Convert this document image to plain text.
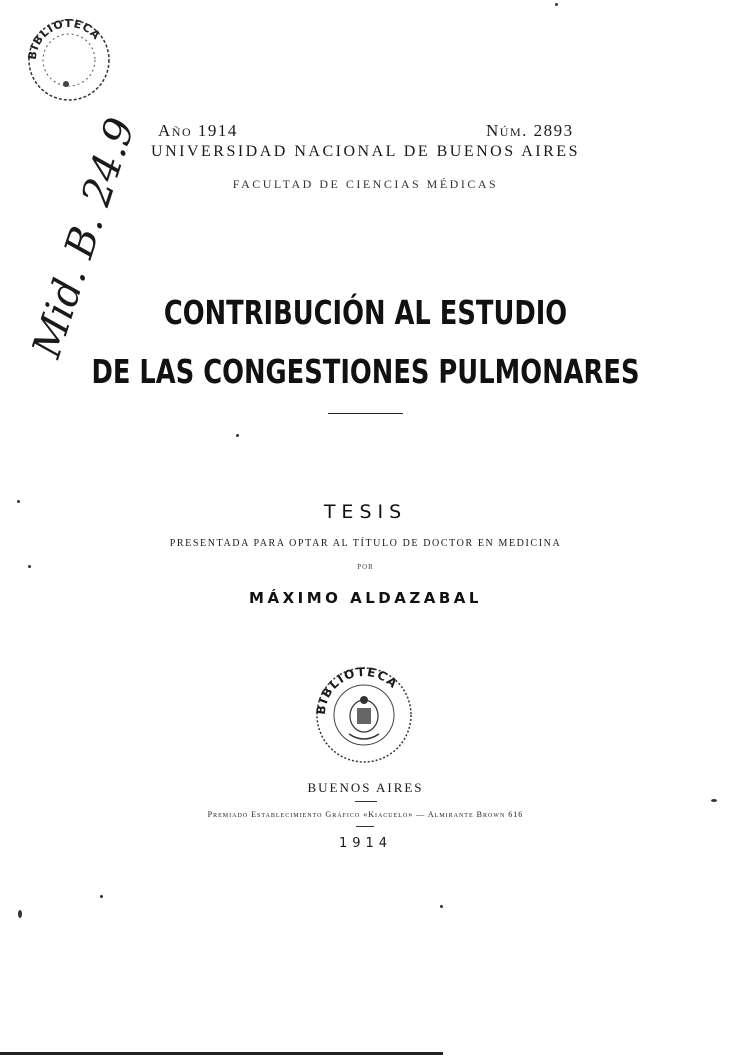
BIBLIOTECA
Mid. B. 24.9 Año 1914	Núm. 2893
UNIVERSIDAD NACIONAL DE BUENOS AIRES
FACULTAD DE CIENCIAS MÉDICAS
CONTRIBUCIÓN AL ESTUDIO
DE LAS CONGESTIONES PULMONARES
TESIS
PRESENTADA PARA OPTAR AL TÍTULO DE DOCTOR EN MEDICINA
POR
MÁXIMO ALDAZABAL
BIBLIOTECA
BUENOS AIRES
Premiado Establecimiento Gráfico «Kiacuelo» — Almirante Brown 616
1914
